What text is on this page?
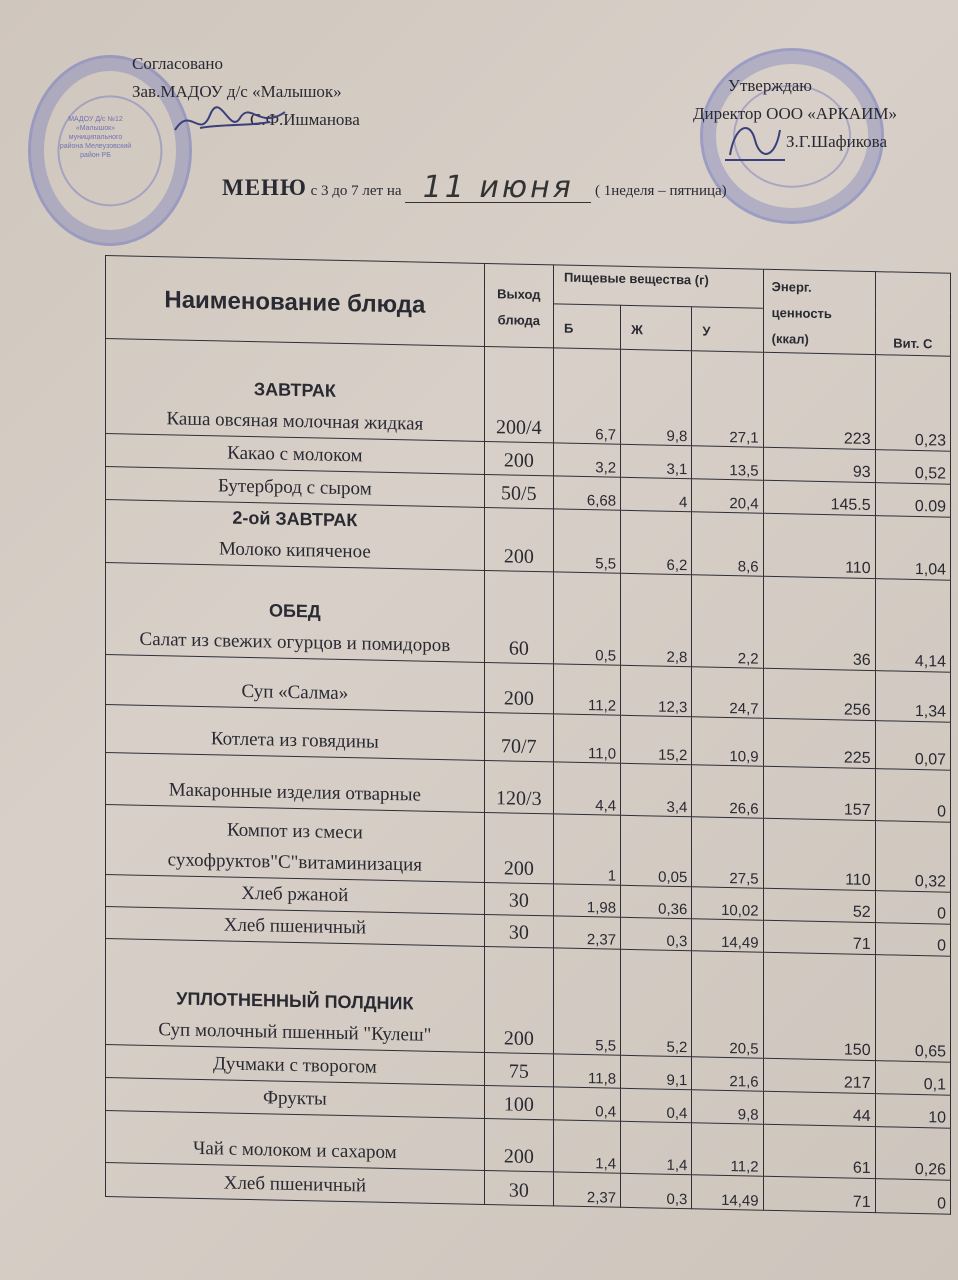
МАДОУ Д/с №12 «Малышок» муниципального района Мелеузовский район РБ
Согласовано
Зав.МАДОУ д/с «Малышок»
С.Ф.Ишманова
Утверждаю
Директор ООО «АРКАИМ»
З.Г.Шафикова
МЕНЮ с 3 до 7 лет на 11 июня ( 1неделя – пятница)
Наименование блюда	Выход блюда	Пищевые вещества (г)			Энерг. ценность (ккал)	Вит. С
		Б	Ж	У		

ЗАВТРАК
Каша овсяная молочная жидкая	200/4	6,7	9,8	27,1	223	0,23
Какао с молоком	200	3,2	3,1	13,5	93	0,52
Бутерброд с сыром	50/5	6,68	4	20,4	145.5	0.09

2-ой ЗАВТРАК
Молоко кипяченое	200	5,5	6,2	8,6	110	1,04

ОБЕД
Салат из свежих огурцов и помидоров	60	0,5	2,8	2,2	36	4,14
Суп «Салма»	200	11,2	12,3	24,7	256	1,34
Котлета из говядины	70/7	11,0	15,2	10,9	225	0,07
Макаронные изделия отварные	120/3	4,4	3,4	26,6	157	0
Компот из смеси сухофруктов"С"витаминизация	200	1	0,05	27,5	110	0,32
Хлеб ржаной	30	1,98	0,36	10,02	52	0
Хлеб пшеничный	30	2,37	0,3	14,49	71	0

УПЛОТНЕННЫЙ ПОЛДНИК
Суп молочный пшенный "Кулеш"	200	5,5	5,2	20,5	150	0,65
Дучмаки с творогом	75	11,8	9,1	21,6	217	0,1
Фрукты	100	0,4	0,4	9,8	44	10
Чай с молоком и сахаром	200	1,4	1,4	11,2	61	0,26
Хлеб пшеничный	30	2,37	0,3	14,49	71	0
